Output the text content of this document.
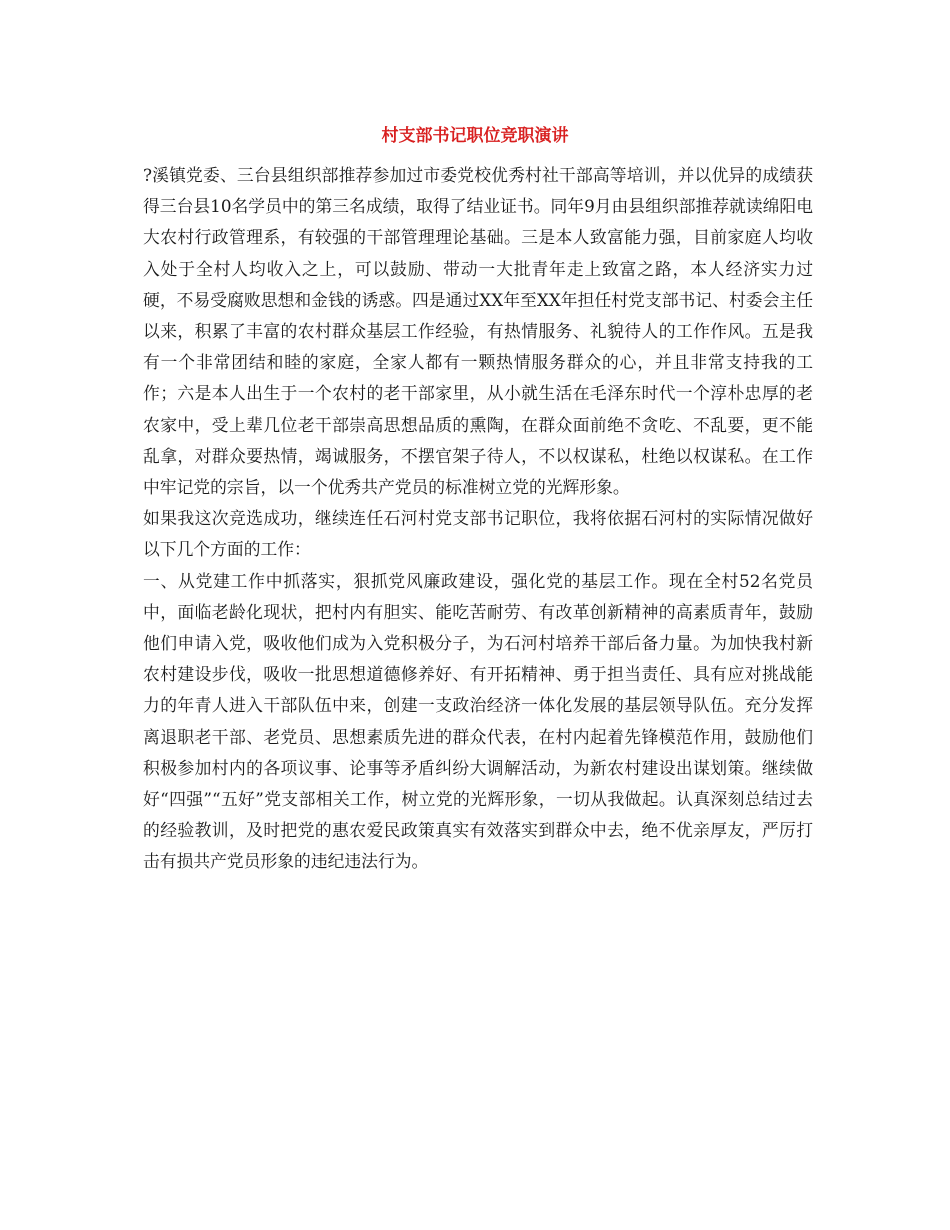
村支部书记职位竞职演讲

?溪镇党委、三台县组织部推荐参加过市委党校优秀村社干部高等培训，并以优异的成绩获得三台县10名学员中的第三名成绩，取得了结业证书。同年9月由县组织部推荐就读绵阳电大农村行政管理系，有较强的干部管理理论基础。三是本人致富能力强，目前家庭人均收入处于全村人均收入之上，可以鼓励、带动一大批青年走上致富之路，本人经济实力过硬，不易受腐败思想和金钱的诱惑。四是通过XX年至XX年担任村党支部书记、村委会主任以来，积累了丰富的农村群众基层工作经验，有热情服务、礼貌待人的工作作风。五是我有一个非常团结和睦的家庭，全家人都有一颗热情服务群众的心，并且非常支持我的工作；六是本人出生于一个农村的老干部家里，从小就生活在毛泽东时代一个淳朴忠厚的老农家中，受上辈几位老干部崇高思想品质的熏陶，在群众面前绝不贪吃、不乱要，更不能乱拿，对群众要热情，竭诚服务，不摆官架子待人，不以权谋私，杜绝以权谋私。在工作中牢记党的宗旨，以一个优秀共产党员的标准树立党的光辉形象。

如果我这次竞选成功，继续连任石河村党支部书记职位，我将依据石河村的实际情况做好以下几个方面的工作：

一、从党建工作中抓落实，狠抓党风廉政建设，强化党的基层工作。现在全村52名党员中，面临老龄化现状，把村内有胆实、能吃苦耐劳、有改革创新精神的高素质青年，鼓励他们申请入党，吸收他们成为入党积极分子，为石河村培养干部后备力量。为加快我村新农村建设步伐，吸收一批思想道德修养好、有开拓精神、勇于担当责任、具有应对挑战能力的年青人进入干部队伍中来，创建一支政治经济一体化发展的基层领导队伍。充分发挥离退职老干部、老党员、思想素质先进的群众代表，在村内起着先锋模范作用，鼓励他们积极参加村内的各项议事、论事等矛盾纠纷大调解活动，为新农村建设出谋划策。继续做好“四强”“五好”党支部相关工作，树立党的光辉形象，一切从我做起。认真深刻总结过去的经验教训，及时把党的惠农爱民政策真实有效落实到群众中去，绝不优亲厚友，严厉打击有损共产党员形象的违纪违法行为。
